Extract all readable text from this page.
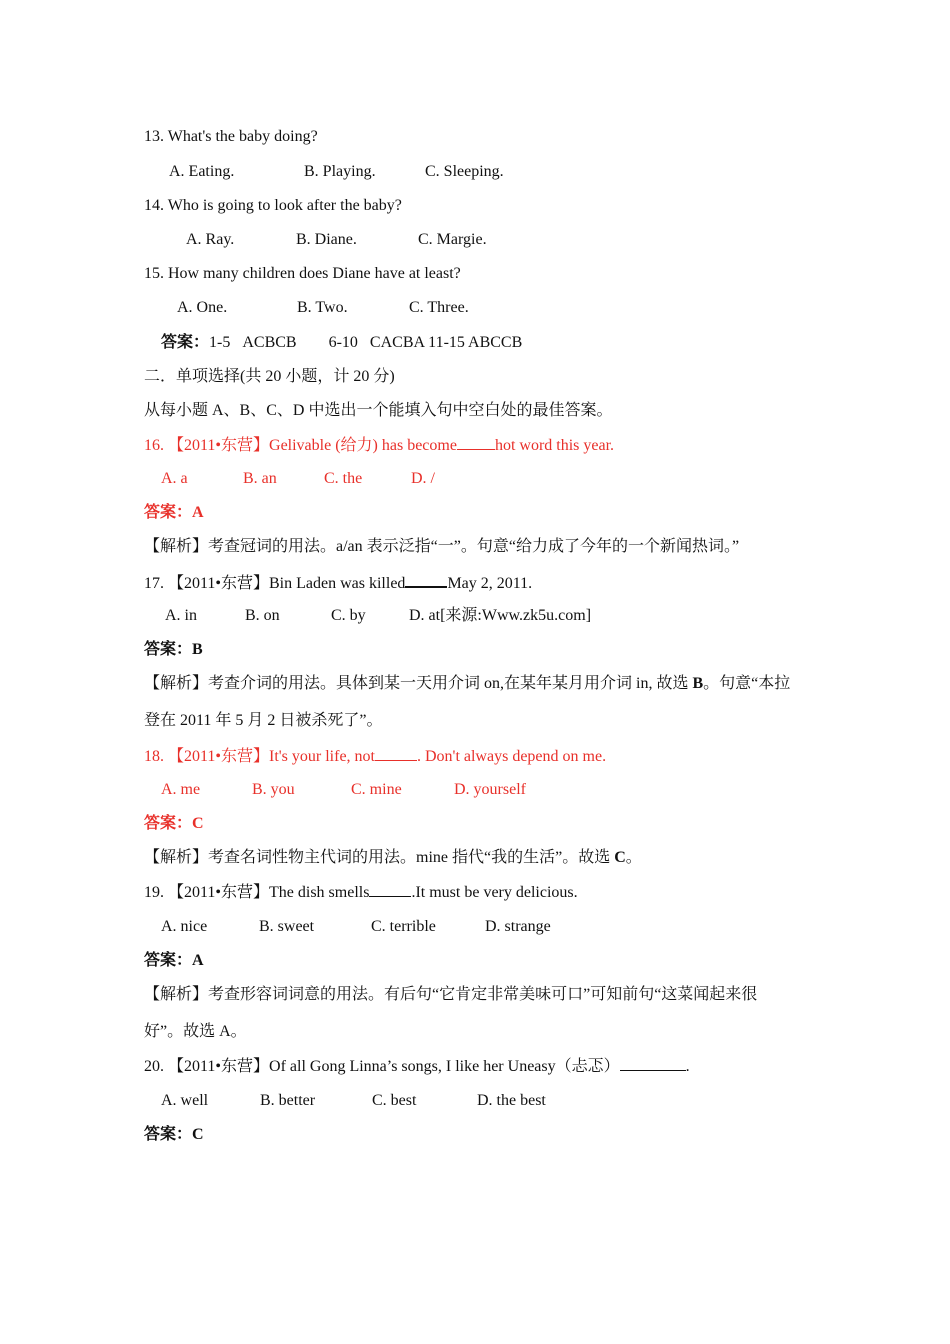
13. What's the baby doing?
A. Eating.	B. Playing.	C. Sleeping.
14. Who is going to look after the baby?
A. Ray.	B. Diane.	C. Margie.
15. How many children does Diane have at least?
A. One.	B. Two.	C. Three.
答案：1-5   ACBCB        6-10   CACBA 11-15 ABCCB
二．单项选择(共 20 小题，计 20 分)
从每小题 A、B、C、D 中选出一个能填入句中空白处的最佳答案。
16. 【2011•东营】Gelivable (给力) has become hot word this year.
A. a	B. an	C. the	D. /
答案：A
【解析】考查冠词的用法。a/an 表示泛指“一”。句意“给力成了今年的一个新闻热词。”
17. 【2011•东营】Bin Laden was killed	May 2, 2011.
A. in	B. on	C. by	D. at[来源:Www.zk5u.com]
答案：B
【解析】考查介词的用法。具体到某一天用介词 on,在某年某月用介词 in, 故选 B。句意“本拉
登在 2011 年 5 月 2 日被杀死了”。
18. 【2011•东营】It's your life, not	. Don't always depend on me.
A. me	B. you	C. mine	D. yourself
答案：C
【解析】考查名词性物主代词的用法。mine 指代“我的生活”。故选 C。
19. 【2011•东营】The dish smells	.It must be very delicious.
A. nice	B. sweet	C. terrible	D. strange
答案：A
【解析】考查形容词词意的用法。有后句“它肯定非常美味可口”可知前句“这菜闻起来很
好”。故选 A。
20. 【2011•东营】Of all Gong Linna’s songs, I like her Uneasy（忐忑）	.
A. well	B. better	C. best	D. the best
答案：C
